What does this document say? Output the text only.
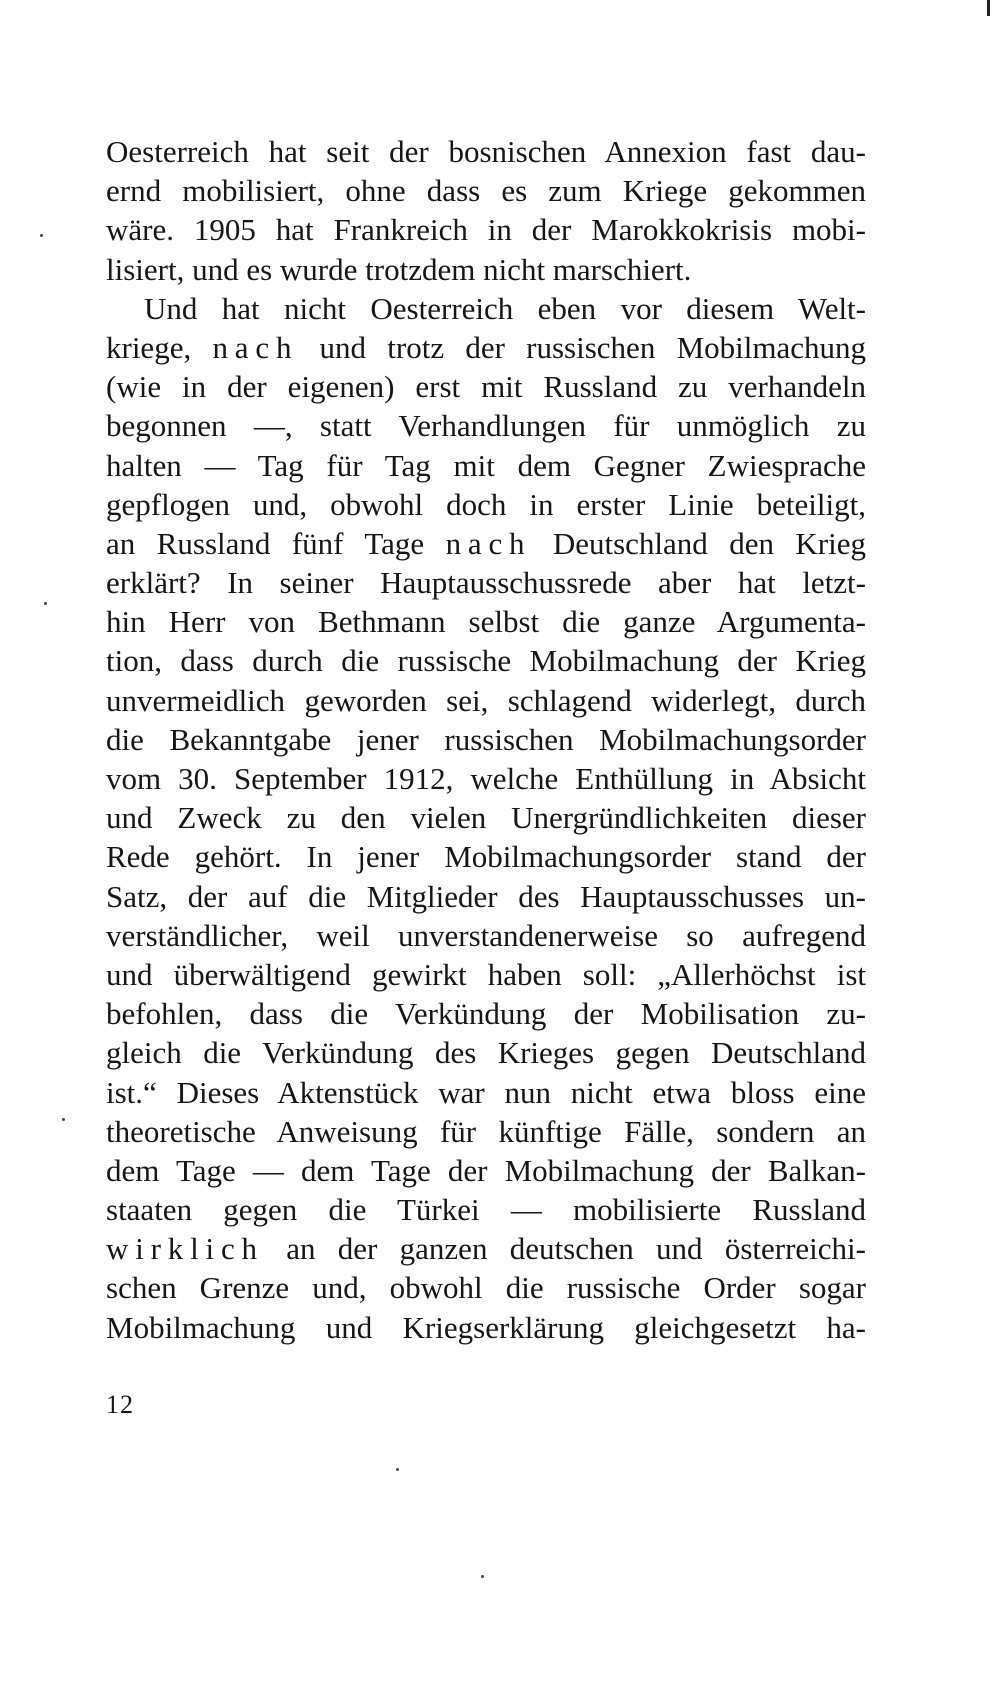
Oesterreich hat seit der bosnischen Annexion fast dau-
ernd mobilisiert, ohne dass es zum Kriege gekommen
wäre. 1905 hat Frankreich in der Marokkokrisis mobi-
lisiert, und es wurde trotzdem nicht marschiert.
Und hat nicht Oesterreich eben vor diesem Welt-
kriege, nach und trotz der russischen Mobilmachung
(wie in der eigenen) erst mit Russland zu verhandeln
begonnen —, statt Verhandlungen für unmöglich zu
halten — Tag für Tag mit dem Gegner Zwiesprache
gepflogen und, obwohl doch in erster Linie beteiligt,
an Russland fünf Tage nach Deutschland den Krieg
erklärt? In seiner Hauptausschussrede aber hat letzt-
hin Herr von Bethmann selbst die ganze Argumenta-
tion, dass durch die russische Mobilmachung der Krieg
unvermeidlich geworden sei, schlagend widerlegt, durch
die Bekanntgabe jener russischen Mobilmachungsorder
vom 30. September 1912, welche Enthüllung in Absicht
und Zweck zu den vielen Unergründlichkeiten dieser
Rede gehört. In jener Mobilmachungsorder stand der
Satz, der auf die Mitglieder des Hauptausschusses un-
verständlicher, weil unverstandenerweise so aufregend
und überwältigend gewirkt haben soll: „Allerhöchst ist
befohlen, dass die Verkündung der Mobilisation zu-
gleich die Verkündung des Krieges gegen Deutschland
ist.“ Dieses Aktenstück war nun nicht etwa bloss eine
theoretische Anweisung für künftige Fälle, sondern an
dem Tage — dem Tage der Mobilmachung der Balkan-
staaten gegen die Türkei — mobilisierte Russland
wirklich an der ganzen deutschen und österreichi-
schen Grenze und, obwohl die russische Order sogar
Mobilmachung und Kriegserklärung gleichgesetzt ha-
12
